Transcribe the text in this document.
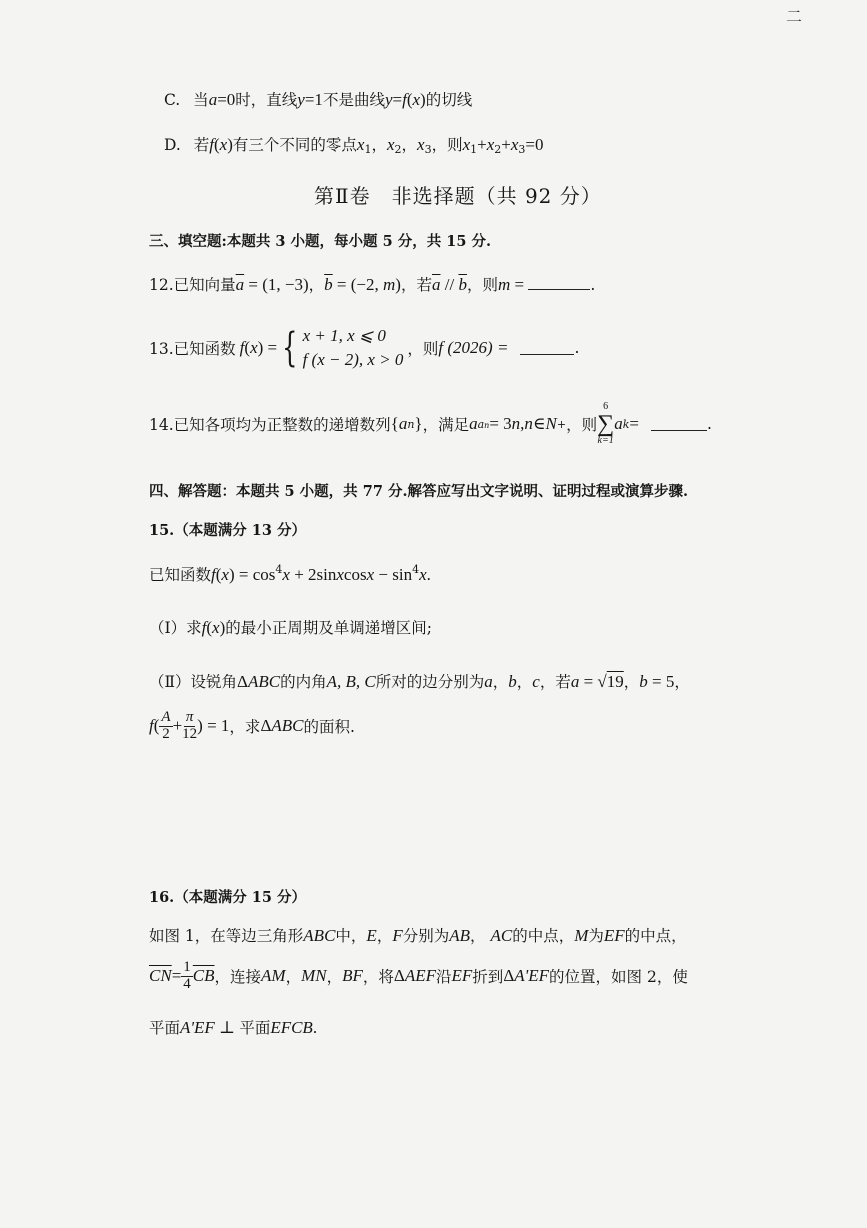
二
C. 当a=0时，直线y=1不是曲线y=f(x)的切线
D. 若f(x)有三个不同的零点$x_1$，$x_2$，$x_3$，则$x_1+x_2+x_3=0$
第Ⅱ卷　非选择题（共 92 分）
三、填空题:本题共 3 小题，每小题 5 分，共 15 分.
12.已知向量$\overline{a} = (1$, −3)，$\overline{b} = (-2$, m)，若$\overline{a} // \overline{b}$，则m =	.
13.已知函数 f ( x ) = { x + 1, x ⩽ 0
f (x − 2), x > 0
，则 f (2026) =	.
14.已知各项均为正整数的递增数列 { a n } ，满足 a an = 3 n , n ∈ N + ，则
6
∑
k=1
a k =	.
四、解答题：本题共 5 小题，共 77 分.解答应写出文字说明、证明过程或演算步骤.
15.（本题满分 13 分）
已知函数$f(x) = \cos^4x$ + 2sinxcosx − $\sin^4x$.
（Ⅰ）求f(x)的最小正周期及单调递增区间;
（Ⅱ）设锐角ΔABC的内角A, B, C所对的边分别为a，b，c，若a = √19，b = 5，
f ( $\frac{A}{2} + \frac{\pi}{12}$ ) = 1 ，求 Δ ABC 的面积.
16.（本题满分 15 分）
如图 1，在等边三角形ABC中，E，F分别为AB， AC的中点，M为EF的中点，
$\overline{CN} = \frac{1}{4} \overline{CB}$ ，连接 AM ， MN ， BF ，将 Δ AEF 沿 EF 折到 Δ A'EF 的位置，如图 2，使
平面A'EF ⊥ 平面EFCB.
